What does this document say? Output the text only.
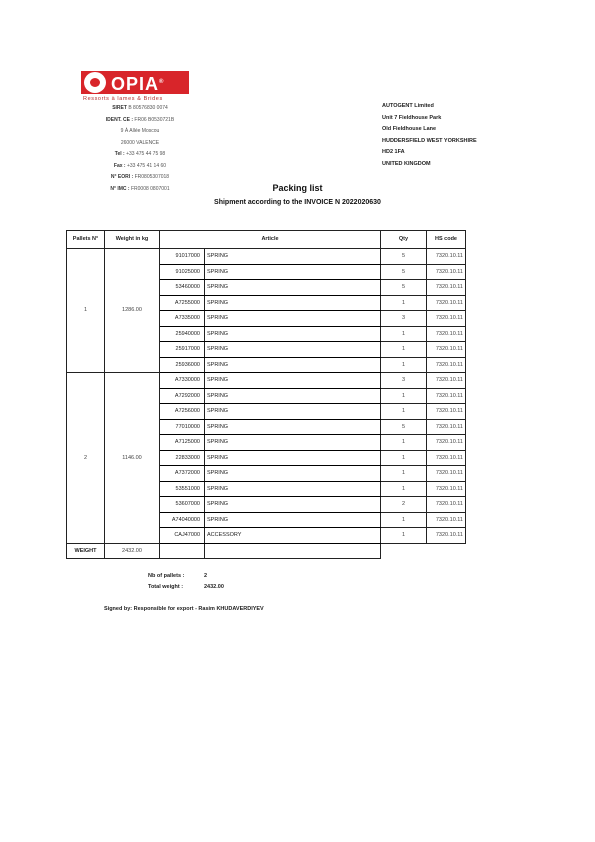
OPIA®
Ressorts à lames & Brides
SIRET B 80576830 0074
IDENT. CE : FR06 B0530721B
9 À Allée Moscou
26000 VALENCE
Tel : +33 475 44 75 98
Fax : +33 475 41 14 60
N° EORI : FR0805307018
N° IMC : FR0008 0807001
AUTOGENT Limited
Unit 7 Fieldhouse Park
Old Fieldhouse Lane
HUDDERSFIELD WEST YORKSHIRE
HD2 1FA
UNITED KINGDOM
Packing list
Shipment according to the INVOICE N 2022020630
Pallets N°	Weight in kg	Article		Qty	HS code
1	1286.00	91017000	SPRING	5	7320.10.11
		91025000	SPRING	5	7320.10.11
		53460000	SPRING	5	7320.10.11
		A7255000	SPRING	1	7320.10.11
		A7335000	SPRING	3	7320.10.11
		25940000	SPRING	1	7320.10.11
		25917000	SPRING	1	7320.10.11
		25936000	SPRING	1	7320.10.11
2	1146.00	A7330000	SPRING	3	7320.10.11
		A7292000	SPRING	1	7320.10.11
		A7256000	SPRING	1	7320.10.11
		77010000	SPRING	5	7320.10.11
		A7125000	SPRING	1	7320.10.11
		22833000	SPRING	1	7320.10.11
		A7372000	SPRING	1	7320.10.11
		53551000	SPRING	1	7320.10.11
		53607000	SPRING	2	7320.10.11
		A74040000	SPRING	1	7320.10.11
		CAJ47000	ACCESSORY	1	7320.10.11
WEIGHT	2432.00				
Nb of pallets :	2
Total weight :	2432.00
Signed by: Responsible for export - Rasim KHUDAVERDIYEV
